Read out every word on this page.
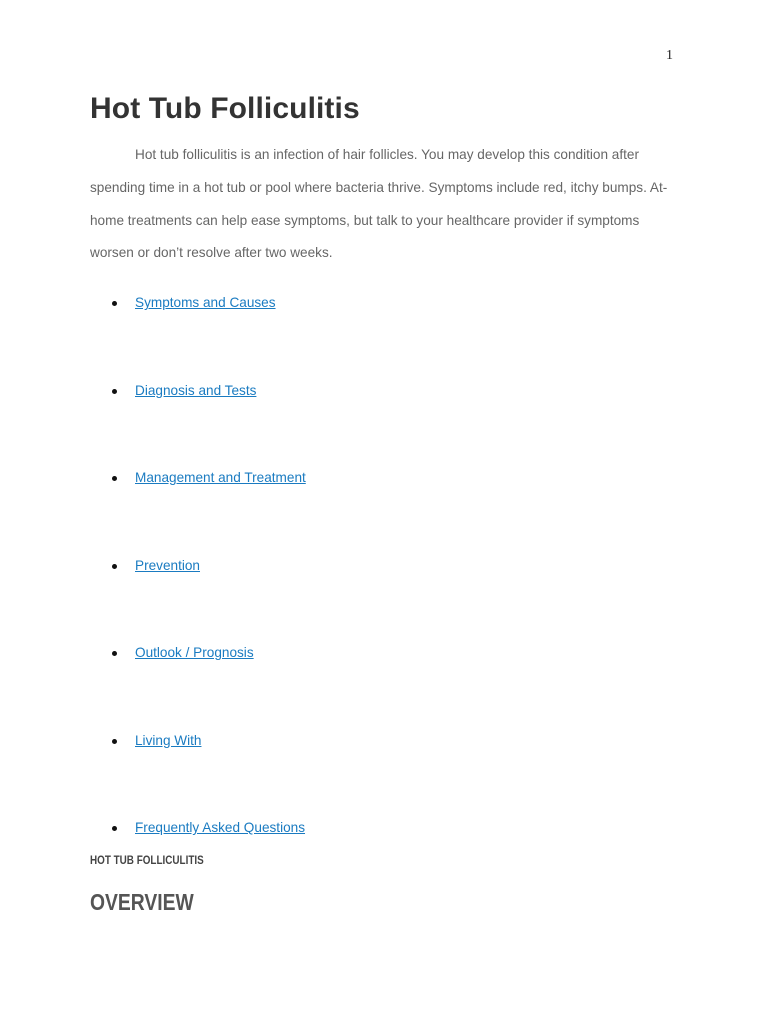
1
Hot Tub Folliculitis

Hot tub folliculitis is an infection of hair follicles. You may develop this condition after spending time in a hot tub or pool where bacteria thrive. Symptoms include red, itchy bumps. At-home treatments can help ease symptoms, but talk to your healthcare provider if symptoms worsen or don’t resolve after two weeks.

Symptoms and Causes
Diagnosis and Tests
Management and Treatment
Prevention
Outlook / Prognosis
Living With
Frequently Asked Questions
HOT TUB FOLLICULITIS
OVERVIEW
